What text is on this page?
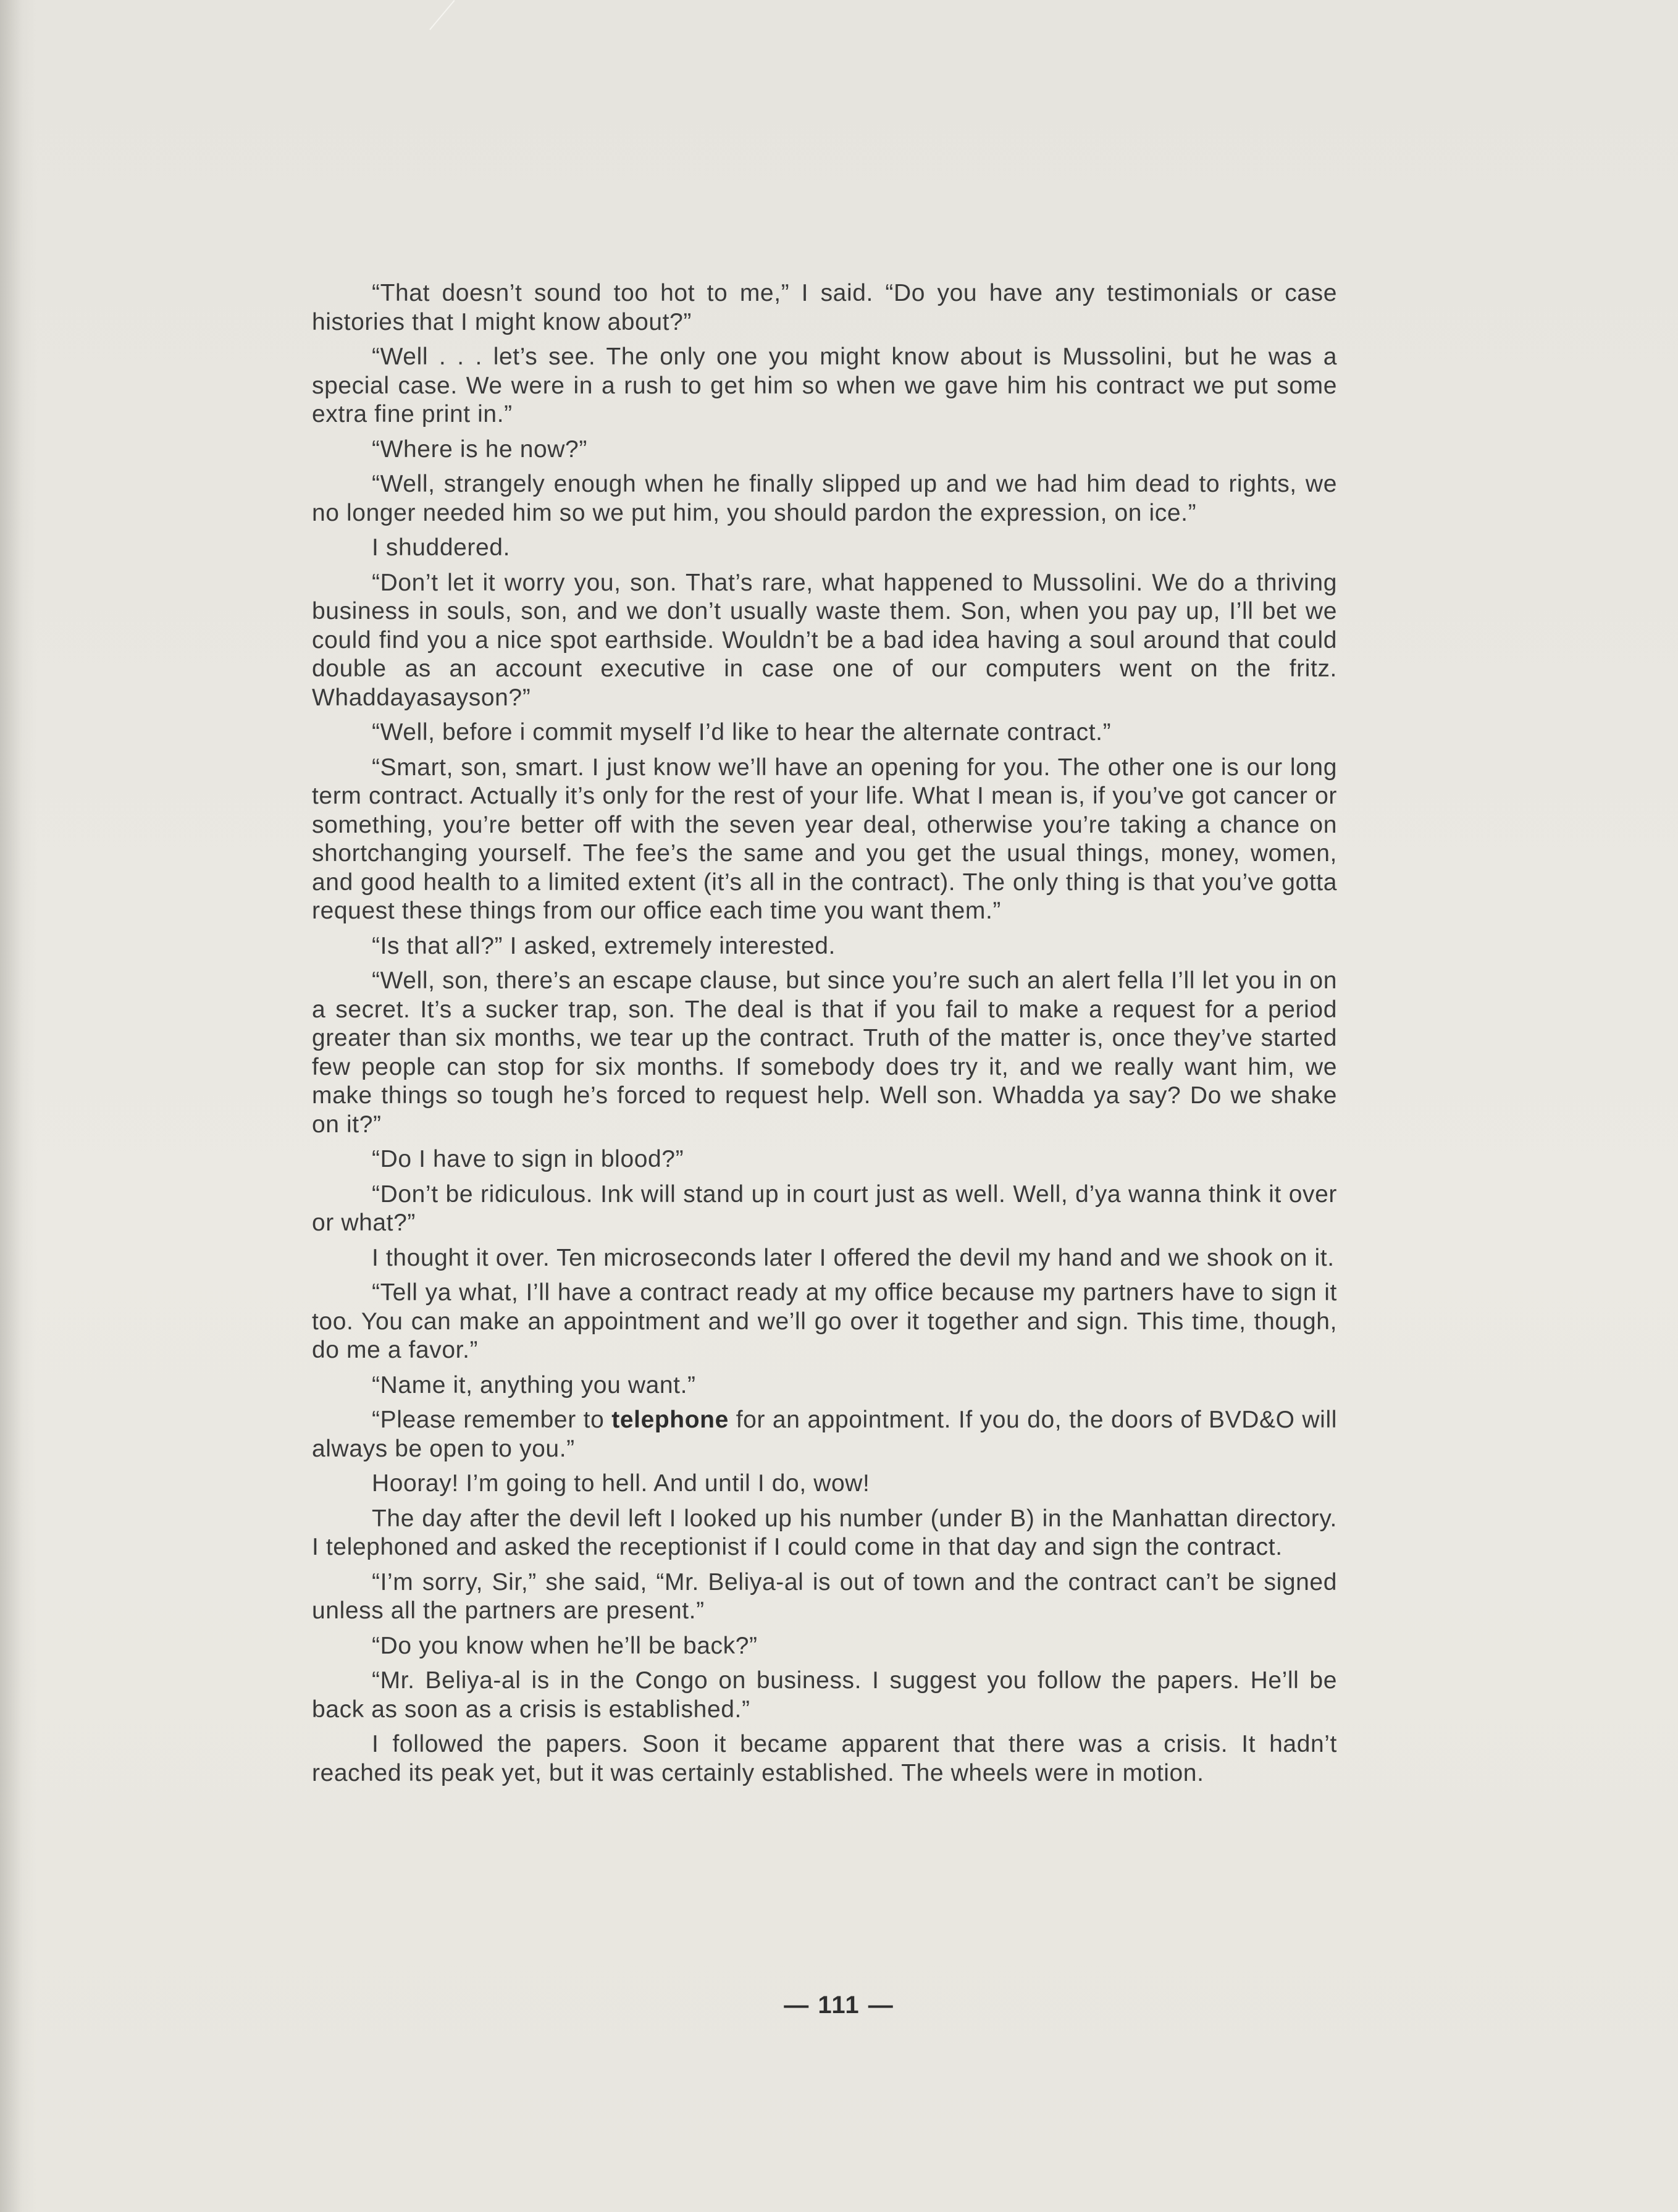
“That doesn’t sound too hot to me,” I said. “Do you have any testimonials or case histories that I might know about?”

“Well . . . let’s see. The only one you might know about is Mussolini, but he was a special case. We were in a rush to get him so when we gave him his contract we put some extra fine print in.”

“Where is he now?”

“Well, strangely enough when he finally slipped up and we had him dead to rights, we no longer needed him so we put him, you should pardon the expression, on ice.”

I shuddered.

“Don’t let it worry you, son. That’s rare, what happened to Mussolini. We do a thriving business in souls, son, and we don’t usually waste them. Son, when you pay up, I’ll bet we could find you a nice spot earthside. Wouldn’t be a bad idea having a soul around that could double as an account executive in case one of our computers went on the fritz. Whaddayasayson?”

“Well, before i commit myself I’d like to hear the alternate contract.”

“Smart, son, smart. I just know we’ll have an opening for you. The other one is our long term contract. Actually it’s only for the rest of your life. What I mean is, if you’ve got cancer or something, you’re better off with the seven year deal, otherwise you’re taking a chance on shortchanging yourself. The fee’s the same and you get the usual things, money, women, and good health to a limited extent (it’s all in the contract). The only thing is that you’ve gotta request these things from our office each time you want them.”

“Is that all?” I asked, extremely interested.

“Well, son, there’s an escape clause, but since you’re such an alert fella I’ll let you in on a secret. It’s a sucker trap, son. The deal is that if you fail to make a request for a period greater than six months, we tear up the contract. Truth of the matter is, once they’ve started few people can stop for six months. If somebody does try it, and we really want him, we make things so tough he’s forced to request help. Well son. Whadda ya say? Do we shake on it?”

“Do I have to sign in blood?”

“Don’t be ridiculous. Ink will stand up in court just as well. Well, d’ya wanna think it over or what?”

I thought it over. Ten microseconds later I offered the devil my hand and we shook on it.

“Tell ya what, I’ll have a contract ready at my office because my partners have to sign it too. You can make an appointment and we’ll go over it together and sign. This time, though, do me a favor.”

“Name it, anything you want.”

“Please remember to telephone for an appointment. If you do, the doors of BVD&O will always be open to you.”

Hooray! I’m going to hell. And until I do, wow!

The day after the devil left I looked up his number (under B) in the Manhattan directory. I telephoned and asked the receptionist if I could come in that day and sign the contract.

“I’m sorry, Sir,” she said, “Mr. Beliya-al is out of town and the contract can’t be signed unless all the partners are present.”

“Do you know when he’ll be back?”

“Mr. Beliya-al is in the Congo on business. I suggest you follow the papers. He’ll be back as soon as a crisis is established.”

I followed the papers. Soon it became apparent that there was a crisis. It hadn’t reached its peak yet, but it was certainly established. The wheels were in motion.

— 111 —
